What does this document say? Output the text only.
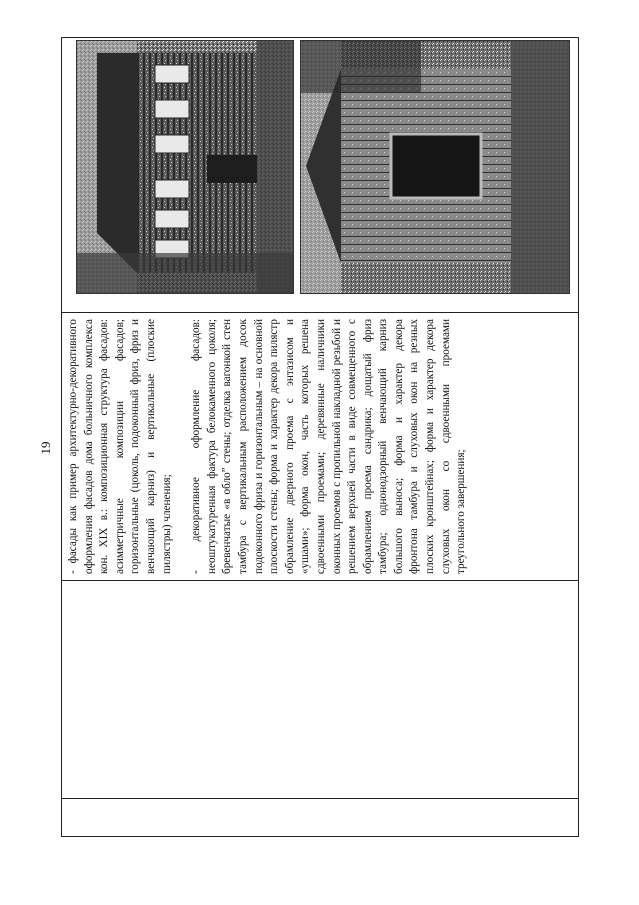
19 - фасады как пример архитектурно-декоративного оформления фасадов дома больничного комплекса кон. XIX в.: композиционная структура фасадов: асимметричные композиции фасадов; горизонтальные (цоколь, подоконный фриз, фриз и венчающий карниз) и вертикальные (плоские пилястры) членения; - декоративное оформление фасадов: неоштукатуренная фактура белокаменного цоколя; бревенчатые «в облоˮ стены; отделка вагонкой стен тамбура с вертикальным расположением досок подоконного фриза и горизонтальным – на основной плоскости стены; форма и характер декора пилястр обрамление дверного проема с энтазисом и «ушами»; форма окон, часть которых решена сдвоенными проемами; деревянные наличники оконных проемов с пропильной накладной резьбой и решением верхней части в виде совмещенного с обрамлением проема сандрика; дощатый фриз тамбура; однонодзорный венчающий карниз большого выноса; форма и характер декора фронтона тамбура и слуховых окон на резных плоских кронштейнах; форма и характер декора слуховых окон со сдвоенными проемами треугольного завершения;
